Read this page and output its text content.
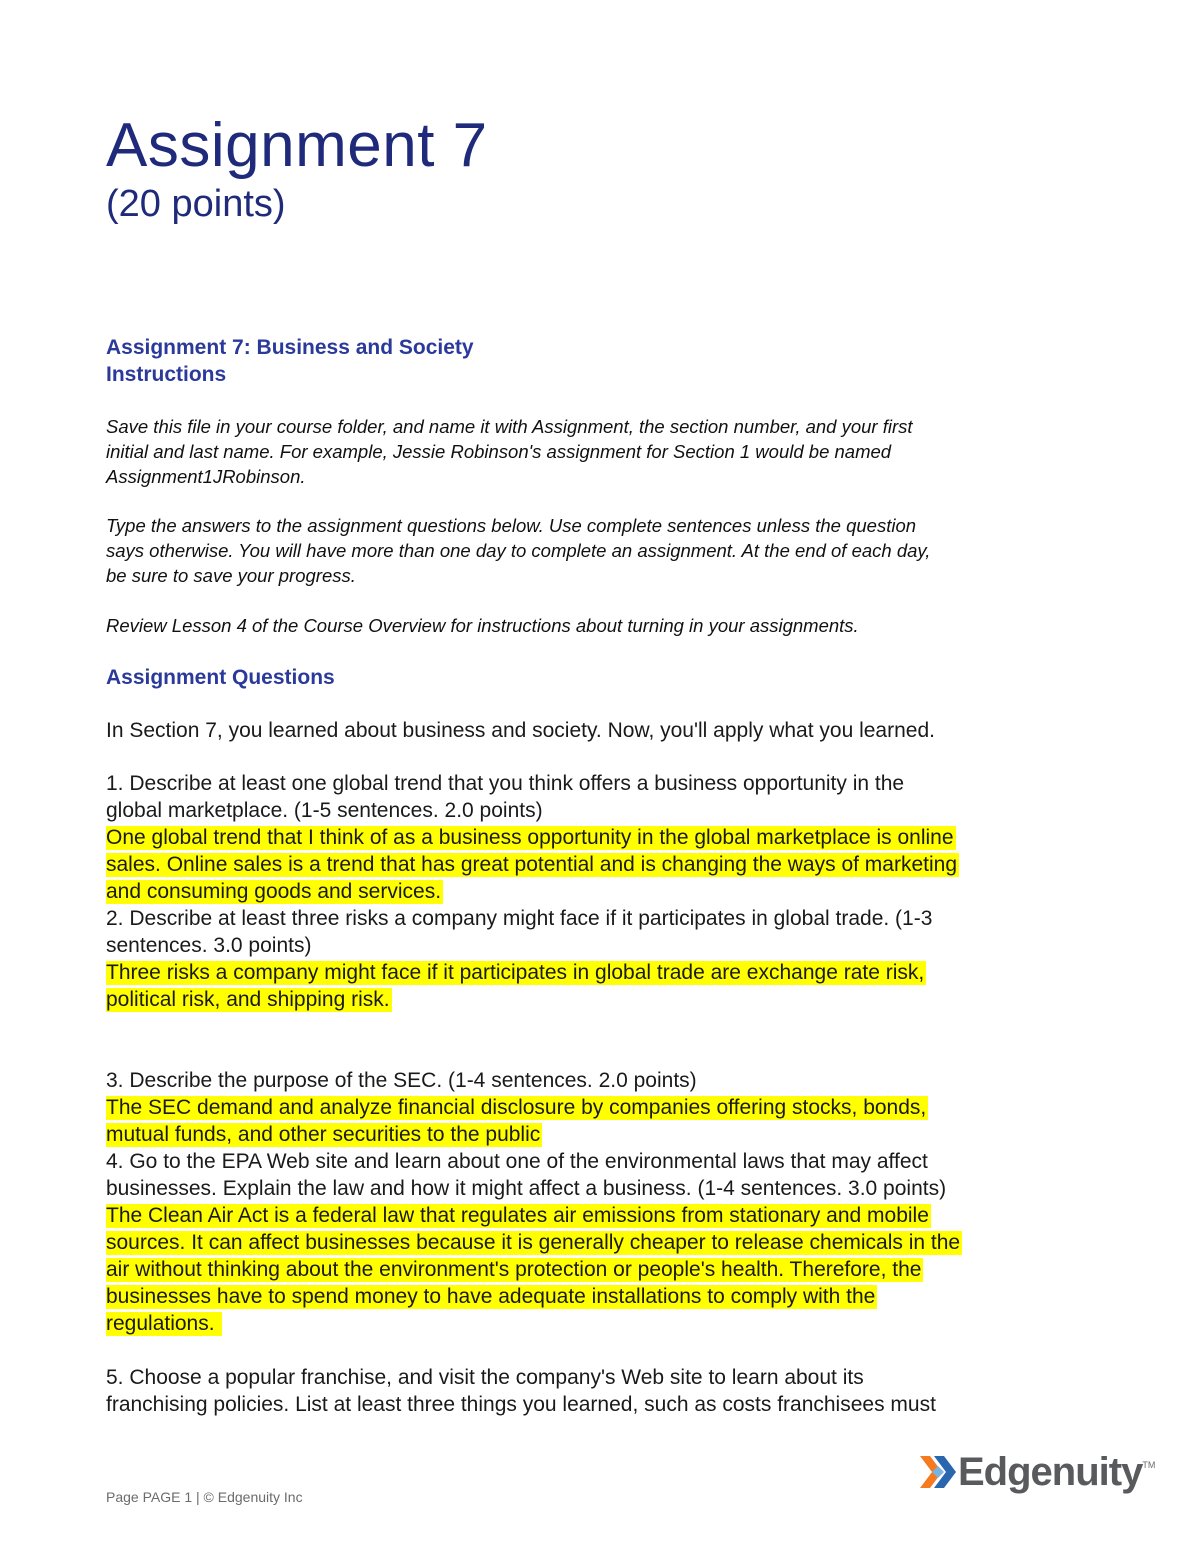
Assignment 7
(20 points)
Assignment 7: Business and Society
Instructions
Save this file in your course folder, and name it with Assignment, the section number, and your first
initial and last name. For example, Jessie Robinson's assignment for Section 1 would be named
Assignment1JRobinson.
Type the answers to the assignment questions below. Use complete sentences unless the question
says otherwise. You will have more than one day to complete an assignment. At the end of each day,
be sure to save your progress.
Review Lesson 4 of the Course Overview for instructions about turning in your assignments.
Assignment Questions
In Section 7, you learned about business and society. Now, you'll apply what you learned.
1. Describe at least one global trend that you think offers a business opportunity in the
global marketplace. (1-5 sentences. 2.0 points)
One global trend that I think of as a business opportunity in the global marketplace is online
sales. Online sales is a trend that has great potential and is changing the ways of marketing
and consuming goods and services.
2. Describe at least three risks a company might face if it participates in global trade. (1-3
sentences. 3.0 points)
Three risks a company might face if it participates in global trade are exchange rate risk,
political risk, and shipping risk.
3. Describe the purpose of the SEC. (1-4 sentences. 2.0 points)
The SEC demand and analyze financial disclosure by companies offering stocks, bonds,
mutual funds, and other securities to the public
4. Go to the EPA Web site and learn about one of the environmental laws that may affect
businesses. Explain the law and how it might affect a business. (1-4 sentences. 3.0 points)
The Clean Air Act is a federal law that regulates air emissions from stationary and mobile
sources. It can affect businesses because it is generally cheaper to release chemicals in the
air without thinking about the environment's protection or people's health. Therefore, the
businesses have to spend money to have adequate installations to comply with the
regulations.
5. Choose a popular franchise, and visit the company's Web site to learn about its
franchising policies. List at least three things you learned, such as costs franchisees must
Page PAGE 1 | © Edgenuity Inc
Edgenuity TM
